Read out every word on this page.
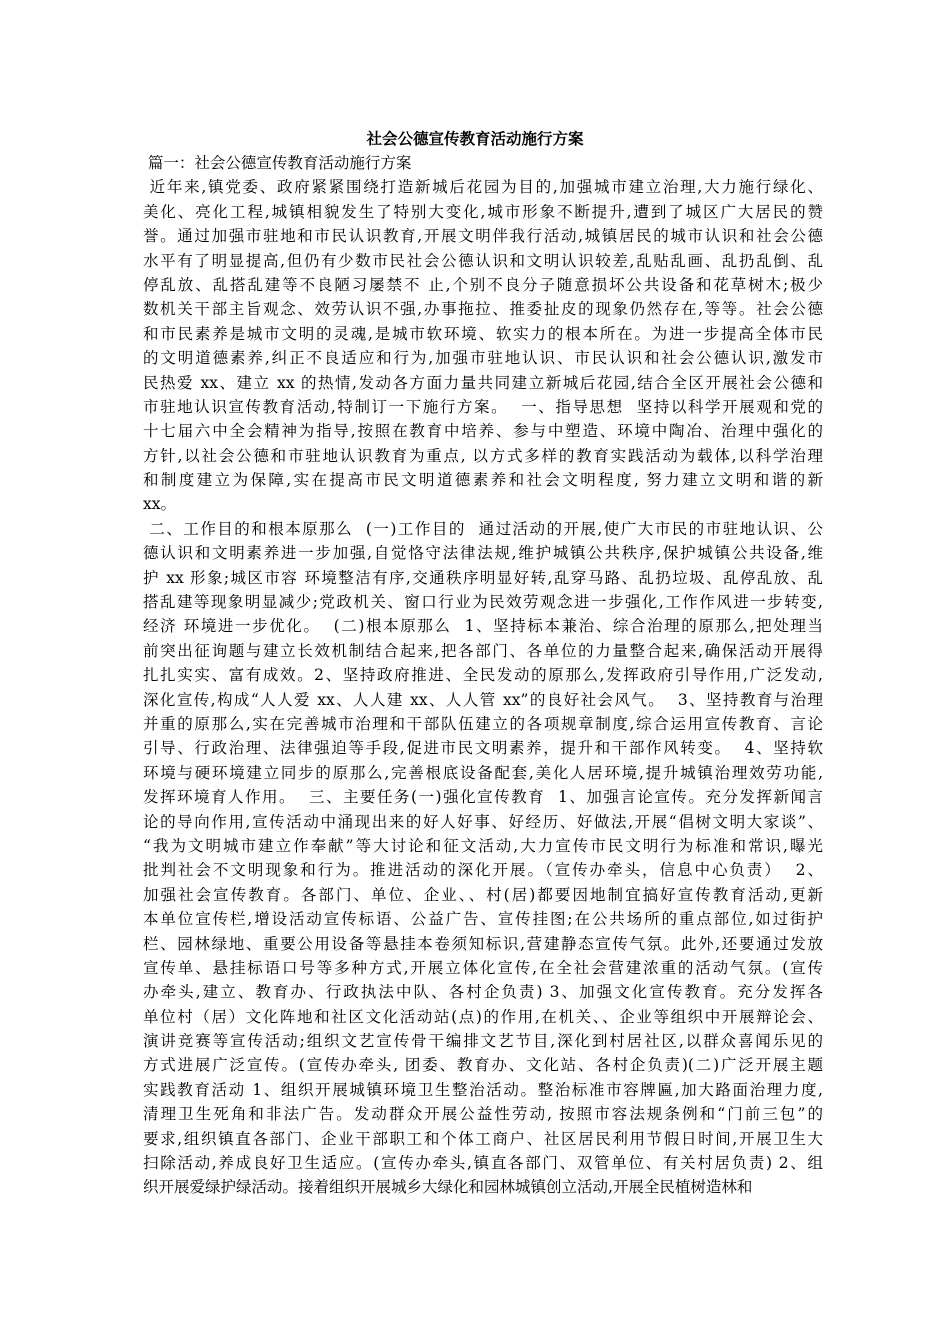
社会公德宣传教育活动施行方案
篇一：社会公德宣传教育活动施行方案
近年来,镇党委、政府紧紧围绕打造新城后花园为目的,加强城市建立治理,大力施行绿化、
美化、亮化工程,城镇相貌发生了特别大变化,城市形象不断提升,遭到了城区广大居民的赞
誉。通过加强市驻地和市民认识教育,开展文明伴我行活动,城镇居民的城市认识和社会公德
水平有了明显提高,但仍有少数市民社会公德认识和文明认识较差,乱贴乱画、乱扔乱倒、乱
停乱放、乱搭乱建等不良陋习屡禁不 止,个别不良分子随意损坏公共设备和花草树木;极少
数机关干部主旨观念、效劳认识不强,办事拖拉、推委扯皮的现象仍然存在,等等。社会公德
和市民素养是城市文明的灵魂,是城市软环境、软实力的根本所在。为进一步提高全体市民
的文明道德素养,纠正不良适应和行为,加强市驻地认识、市民认识和社会公德认识,激发市
民热爱 xx、建立 xx 的热情,发动各方面力量共同建立新城后花园,结合全区开展社会公德和
市驻地认识宣传教育活动,特制订一下施行方案。  一、指导思想  坚持以科学开展观和党的
十七届六中全会精神为指导,按照在教育中培养、参与中塑造、环境中陶冶、治理中强化的
方针,以社会公德和市驻地认识教育为重点, 以方式多样的教育实践活动为载体,以科学治理
和制度建立为保障,实在提高市民文明道德素养和社会文明程度, 努力建立文明和谐的新
xx。
二、工作目的和根本原那么  (一)工作目的  通过活动的开展,使广大市民的市驻地认识、公
德认识和文明素养进一步加强,自觉恪守法律法规,维护城镇公共秩序,保护城镇公共设备,维
护 xx 形象;城区市容 环境整洁有序,交通秩序明显好转,乱穿马路、乱扔垃圾、乱停乱放、乱
搭乱建等现象明显减少;党政机关、窗口行业为民效劳观念进一步强化,工作作风进一步转变,
经济 环境进一步优化。  (二)根本原那么  1、坚持标本兼治、综合治理的原那么,把处理当
前突出征询题与建立长效机制结合起来,把各部门、各单位的力量整合起来,确保活动开展得
扎扎实实、富有成效。2、坚持政府推进、全民发动的原那么,发挥政府引导作用,广泛发动,
深化宣传,构成“人人爱 xx、人人建 xx、人人管 xx”的良好社会风气。  3、坚持教育与治理
并重的原那么,实在完善城市治理和干部队伍建立的各项规章制度,综合运用宣传教育、言论
引导、行政治理、法律强迫等手段,促进市民文明素养，提升和干部作风转变。  4、坚持软
环境与硬环境建立同步的原那么,完善根底设备配套,美化人居环境,提升城镇治理效劳功能,
发挥环境育人作用。  三、主要任务(一)强化宣传教育  1、加强言论宣传。充分发挥新闻言
论的导向作用,宣传活动中涌现出来的好人好事、好经历、好做法,开展“倡树文明大家谈”、
“我为文明城市建立作奉献”等大讨论和征文活动,大力宣传市民文明行为标准和常识,曝光
批判社会不文明现象和行为。推进活动的深化开展。（宣传办牵头，信息中心负责）  2、
加强社会宣传教育。各部门、单位、企业、、村(居)都要因地制宜搞好宣传教育活动,更新
本单位宣传栏,增设活动宣传标语、公益广告、宣传挂图;在公共场所的重点部位,如过街护
栏、园林绿地、重要公用设备等悬挂本卷须知标识,营建静态宣传气氛。此外,还要通过发放
宣传单、悬挂标语口号等多种方式,开展立体化宣传,在全社会营建浓重的活动气氛。(宣传
办牵头,建立、教育办、行政执法中队、各村企负责) 3、加强文化宣传教育。充分发挥各
单位村（居）文化阵地和社区文化活动站(点)的作用,在机关、、企业等组织中开展辩论会、
演讲竞赛等宣传活动;组织文艺宣传骨干编排文艺节目,深化到村居社区,以群众喜闻乐见的
方式进展广泛宣传。(宣传办牵头, 团委、教育办、文化站、各村企负责)(二)广泛开展主题
实践教育活动 1、组织开展城镇环境卫生整治活动。整治标准市容牌匾,加大路面治理力度,
清理卫生死角和非法广告。发动群众开展公益性劳动, 按照市容法规条例和“门前三包”的
要求,组织镇直各部门、企业干部职工和个体工商户、社区居民利用节假日时间,开展卫生大
扫除活动,养成良好卫生适应。(宣传办牵头,镇直各部门、双管单位、有关村居负责) 2、组
织开展爱绿护绿活动。接着组织开展城乡大绿化和园林城镇创立活动,开展全民植树造林和
